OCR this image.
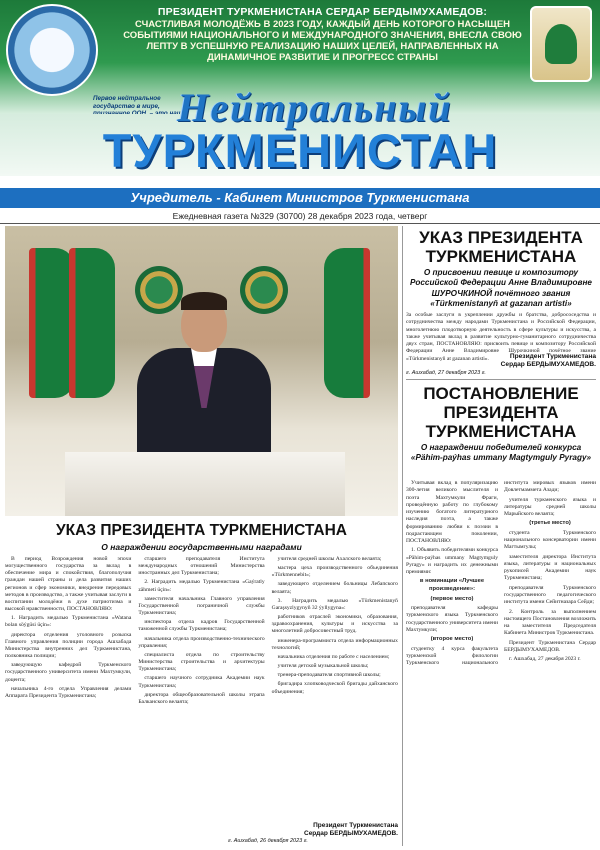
ПРЕЗИДЕНТ ТУРКМЕНИСТАНА СЕРДАР БЕРДЫМУХАМЕДОВ:
СЧАСТЛИВАЯ МОЛОДЁЖЬ В 2023 ГОДУ, КАЖДЫЙ ДЕНЬ КОТОРОГО НАСЫЩЕН СОБЫТИЯМИ НАЦИОНАЛЬНОГО И МЕЖДУНАРОДНОГО ЗНАЧЕНИЯ, ВНЕСЛА СВОЮ ЛЕПТУ В УСПЕШНУЮ РЕАЛИЗАЦИЮ НАШИХ ЦЕЛЕЙ, НАПРАВЛЕННЫХ НА ДИНАМИЧНОЕ РАЗВИТИЕ И ПРОГРЕСС СТРАНЫ
Первое нейтральное государство в мире, Нейтральный
ТУРКМЕНИСТАН
Учредитель - Кабинет Министров Туркменистана
Ежедневная газета №329 (30700) 28 декабря 2023 года, четверг
УКАЗ ПРЕЗИДЕНТА ТУРКМЕНИСТАНА
О награждении государственными наградами

В период Возрождения новой эпохи могущественного государства за вклад в обеспечение мира и спокойствия, благополучия граждан нашей страны и дела развития наших регионов и сфер экономики, внедрение передовых методов в производство, а также учитывая заслуги в воспитании молодёжи в духе патриотизма и высокой нравственности, ПОСТАНОВЛЯЮ:

1. Наградить медалью Туркменистана «Watana bolan söýgüsi üçin»:

директора отделения уголовного розыска Главного управления полиции города Ашхабада Министерства внутренних дел Туркменистана, полковника полиции;

заведующую кафедрой Туркменского государственного университета имени Махтумкули, доцента;

начальника 4-го отдела Управления делами Аппарата Президента Туркменистана;

старшего преподавателя Института международных отношений Министерства иностранных дел Туркменистана;

2. Наградить медалью Туркменистана «Gaýratly zähmeti üçin»:

заместителя начальника Главного управления Государственной пограничной службы Туркменистана;

инспектора отдела кадров Государственной таможенной службы Туркменистана;

начальника отдела производственно-технического управления;

специалиста отдела по строительству Министерства строительства и архитектуры Туркменистана;

старшего научного сотрудника Академии наук Туркменистана;

директора общеобразовательной школы этрапа Балканского велаята;

учителя средней школы Ахалского велаята;

мастера цеха производственного объединения «Türkmennebit»;

заведующего отделением больницы Лебапского велаята;

3. Наградить медалью «Türkmenistanyň Garaşsyzlygynyň 32 ýyllygyna»:

работников отраслей экономики, образования, здравоохранения, культуры и искусства за многолетний добросовестный труд.

инженера-программиста отдела информационных технологий;

начальника отделения по работе с населением;

учителя детской музыкальной школы;

тренера-преподавателя спортивной школы;

бригадира хлопководческой бригады дайханского объединения;

Президент Туркменистана
Сердар БЕРДЫМУХАМЕДОВ.
г. Ашхабад, 26 декабря 2023 г.
УКАЗ ПРЕЗИДЕНТА ТУРКМЕНИСТАНА
О присвоении певице и композитору Российской Федерации Анне Владимировне ШУРОЧКИНОЙ почётного звания «Türkmenistanyň at gazanan artisti»
За особые заслуги в укреплении дружбы и братства, добрососедства и сотрудничества между народами Туркменистана и Российской Федерации, многолетнюю плодотворную деятельность в сфере культуры и искусства, а также учитывая вклад в развитие культурно-гуманитарного сотрудничества двух стран, ПОСТАНОВЛЯЮ: присвоить певице и композитору Российской Федерации Анне Владимировне Шурочкиной почётное звание «Türkmenistanyň at gazanan artisti».	Президент Туркменистана
Сердар БЕРДЫМУХАМЕДОВ.
г. Ашхабад, 27 декабря 2023 г.
ПОСТАНОВЛЕНИЕ ПРЕЗИДЕНТА ТУРКМЕНИСТАНА
О награждении победителей конкурса «Pähim-paýhas ummany Magtymguly Pyragy»

Учитывая вклад в популяризацию 300-летия великого мыслителя и поэта Махтумкули Фраги, проведённую работу по глубокому изучению богатого литературного наследия поэта, а также формированию любви к поэзии в подрастающем поколении, ПОСТАНОВЛЯЮ:

1. Объявить победителями конкурса «Pähim-paýhas ummany Magtymguly Pyragy» и наградить их денежными премиями:

в номинации «Лучшее произведение»:

(первое место)

преподавателя кафедры туркменского языка Туркменского государственного университета имени Махтумкули;

(второе место)

студентку 4 курса факультета туркменской филологии Туркменского национального института мировых языков имени Довлетмаммета Азади;

учителя туркменского языка и литературы средней школы Марыйского велаята;

(третье место)

студента Туркменского национального консерватории имени Магтымгулы;

заместителя директора Института языка, литературы и национальных рукописей Академии наук Туркменистана;

преподавателя Туркменского государственного педагогического института имени Сейитназара Сейди;

2. Контроль за выполнением настоящего Постановления возложить на заместителя Председателя Кабинета Министров Туркменистана.

Президент Туркменистана Сердар БЕРДЫМУХАМЕДОВ.

г. Ашхабад, 27 декабря 2023 г.
